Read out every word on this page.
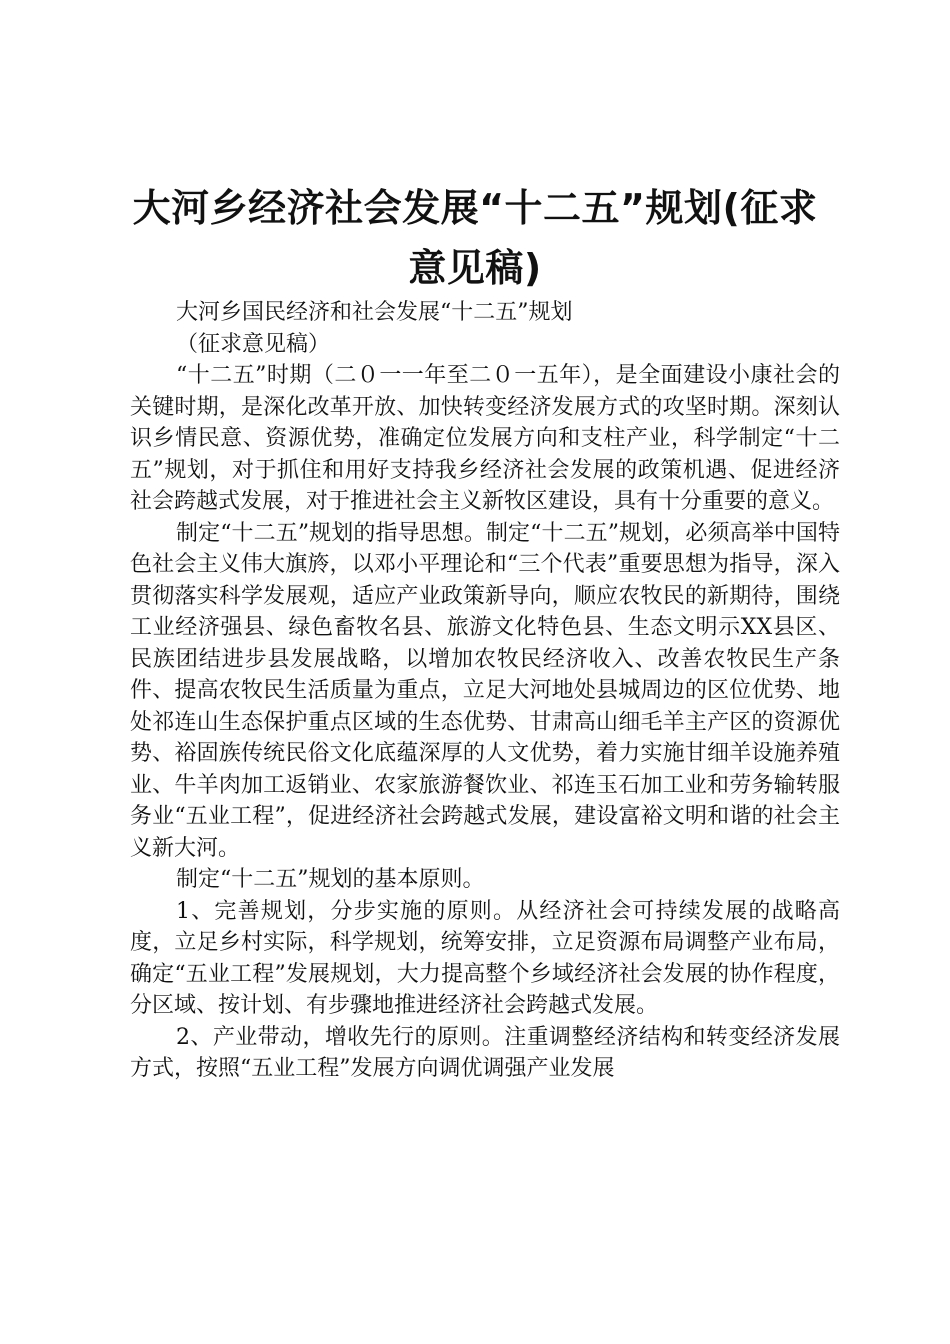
大河乡经济社会发展“十二五”规划(征求意见稿)

大河乡国民经济和社会发展“十二五”规划

（征求意见稿）

“十二五”时期（二０一一年至二０一五年），是全面建设小康社会的关键时期，是深化改革开放、加快转变经济发展方式的攻坚时期。深刻认识乡情民意、资源优势，准确定位发展方向和支柱产业，科学制定“十二五”规划，对于抓住和用好支持我乡经济社会发展的政策机遇、促进经济社会跨越式发展，对于推进社会主义新牧区建设，具有十分重要的意义。

制定“十二五”规划的指导思想。制定“十二五”规划，必须高举中国特色社会主义伟大旗旍，以邓小平理论和“三个代表”重要思想为指导，深入贯彻落实科学发展观，适应产业政策新导向，顺应农牧民的新期待，围绕工业经济强县、绿色畜牧名县、旅游文化特色县、生态文明示XX县区、民族团结进步县发展战略，以增加农牧民经济收入、改善农牧民生产条件、提高农牧民生活质量为重点，立足大河地处县城周边的区位优势、地处祁连山生态保护重点区域的生态优势、甘肃高山细毛羊主产区的资源优势、裕固族传统民俗文化底蕴深厚的人文优势，着力实施甘细羊设施养殖业、牛羊肉加工返销业、农家旅游餐饮业、祁连玉石加工业和劳务输转服务业“五业工程”，促进经济社会跨越式发展，建设富裕文明和谐的社会主义新大河。

制定“十二五”规划的基本原则。

1、完善规划，分步实施的原则。从经济社会可持续发展的战略高度，立足乡村实际，科学规划，统筹安排，立足资源布局调整产业布局，确定“五业工程”发展规划，大力提高整个乡域经济社会发展的协作程度，分区域、按计划、有步骤地推进经济社会跨越式发展。

2、产业带动，增收先行的原则。注重调整经济结构和转变经济发展方式，按照“五业工程”发展方向调优调强产业发展
